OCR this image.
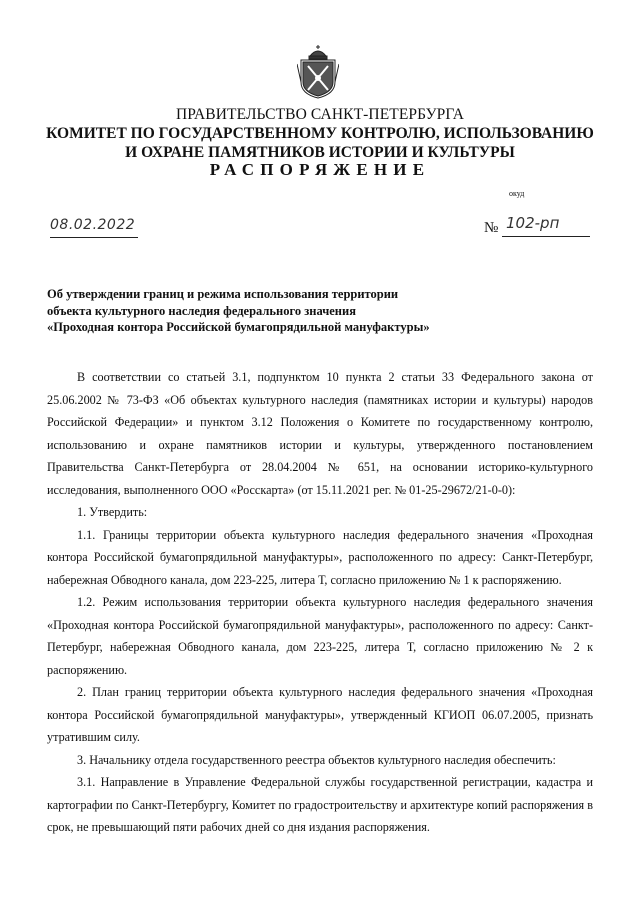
ПРАВИТЕЛЬСТВО САНКТ-ПЕТЕРБУРГА
КОМИТЕТ ПО ГОСУДАРСТВЕННОМУ КОНТРОЛЮ, ИСПОЛЬЗОВАНИЮ
И ОХРАНЕ ПАМЯТНИКОВ ИСТОРИИ И КУЛЬТУРЫ
РАСПОРЯЖЕНИЕ
окуд
08.02.2022	№ 102-рп
Об утверждении границ и режима использования территории
объекта культурного наследия федерального значения
«Проходная контора Российской бумагопрядильной мануфактуры»

В соответствии со статьей 3.1, подпунктом 10 пункта 2 статьи 33 Федерального закона от 25.06.2002 № 73-ФЗ «Об объектах культурного наследия (памятниках истории и культуры) народов Российской Федерации» и пунктом 3.12 Положения о Комитете по государственному контролю, использованию и охране памятников истории и культуры, утвержденного постановлением Правительства Санкт-Петербурга от 28.04.2004 № 651, на основании историко-культурного исследования, выполненного ООО «Росскарта» (от 15.11.2021 рег. № 01-25-29672/21-0-0):

1. Утвердить:

1.1. Границы территории объекта культурного наследия федерального значения «Проходная контора Российской бумагопрядильной мануфактуры», расположенного по адресу: Санкт-Петербург, набережная Обводного канала, дом 223-225, литера Т, согласно приложению № 1 к распоряжению.

1.2. Режим использования территории объекта культурного наследия федерального значения «Проходная контора Российской бумагопрядильной мануфактуры», расположенного по адресу: Санкт-Петербург, набережная Обводного канала, дом 223-225, литера Т, согласно приложению № 2 к распоряжению.

2. План границ территории объекта культурного наследия федерального значения «Проходная контора Российской бумагопрядильной мануфактуры», утвержденный КГИОП 06.07.2005, признать утратившим силу.

3. Начальнику отдела государственного реестра объектов культурного наследия обеспечить:

3.1. Направление в Управление Федеральной службы государственной регистрации, кадастра и картографии по Санкт-Петербургу, Комитет по градостроительству и архитектуре копий распоряжения в срок, не превышающий пяти рабочих дней со дня издания распоряжения.
